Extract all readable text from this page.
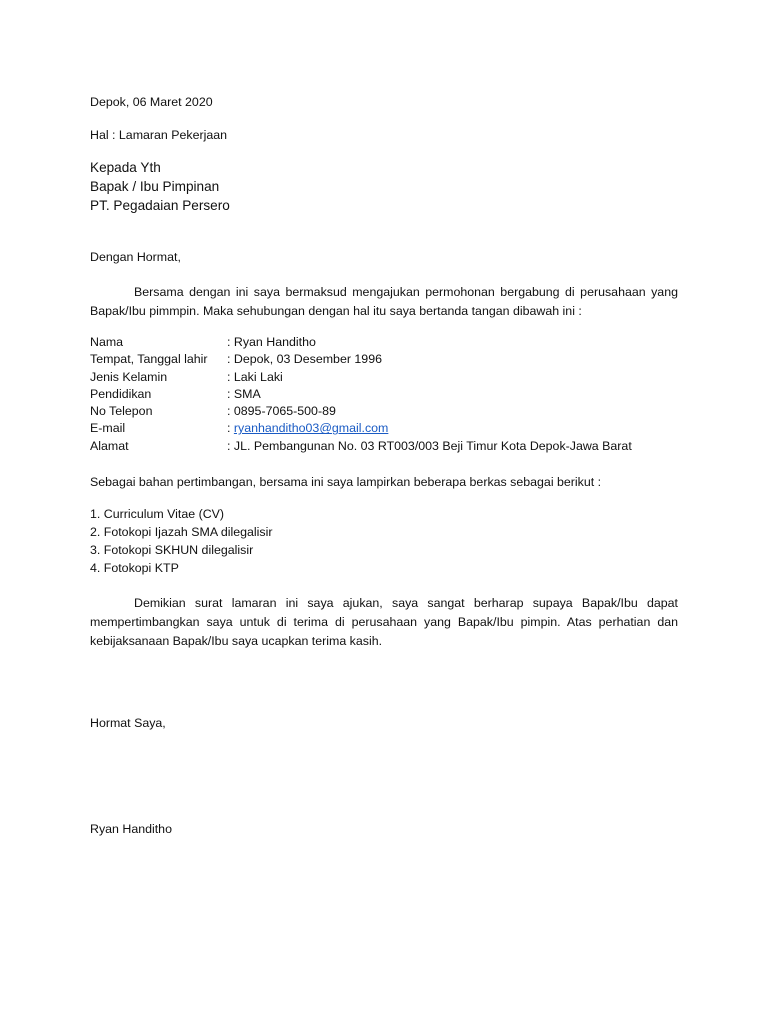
Depok, 06 Maret 2020
Hal : Lamaran Pekerjaan
Kepada Yth
Bapak / Ibu Pimpinan
PT. Pegadaian Persero
Dengan Hormat,
Bersama dengan ini saya bermaksud mengajukan permohonan bergabung di perusahaan yang Bapak/Ibu pimmpin. Maka sehubungan dengan hal itu saya bertanda tangan dibawah ini :
Nama	: Ryan Handitho
Tempat, Tanggal lahir : Depok, 03 Desember 1996
Jenis Kelamin	: Laki Laki
Pendidikan	: SMA
No Telepon	: 0895-7065-500-89
E-mail	: ryanhanditho03@gmail.com
Alamat	: JL. Pembangunan No. 03 RT003/003 Beji Timur Kota Depok-Jawa Barat
Sebagai bahan pertimbangan, bersama ini saya lampirkan beberapa berkas sebagai berikut :
1. Curriculum Vitae (CV)
2. Fotokopi Ijazah SMA dilegalisir
3. Fotokopi SKHUN dilegalisir
4. Fotokopi KTP
Demikian surat lamaran ini saya ajukan, saya sangat berharap supaya Bapak/Ibu dapat mempertimbangkan saya untuk di terima di perusahaan yang Bapak/Ibu pimpin. Atas perhatian dan kebijaksanaan Bapak/Ibu saya ucapkan terima kasih.
Hormat Saya,
Ryan Handitho
